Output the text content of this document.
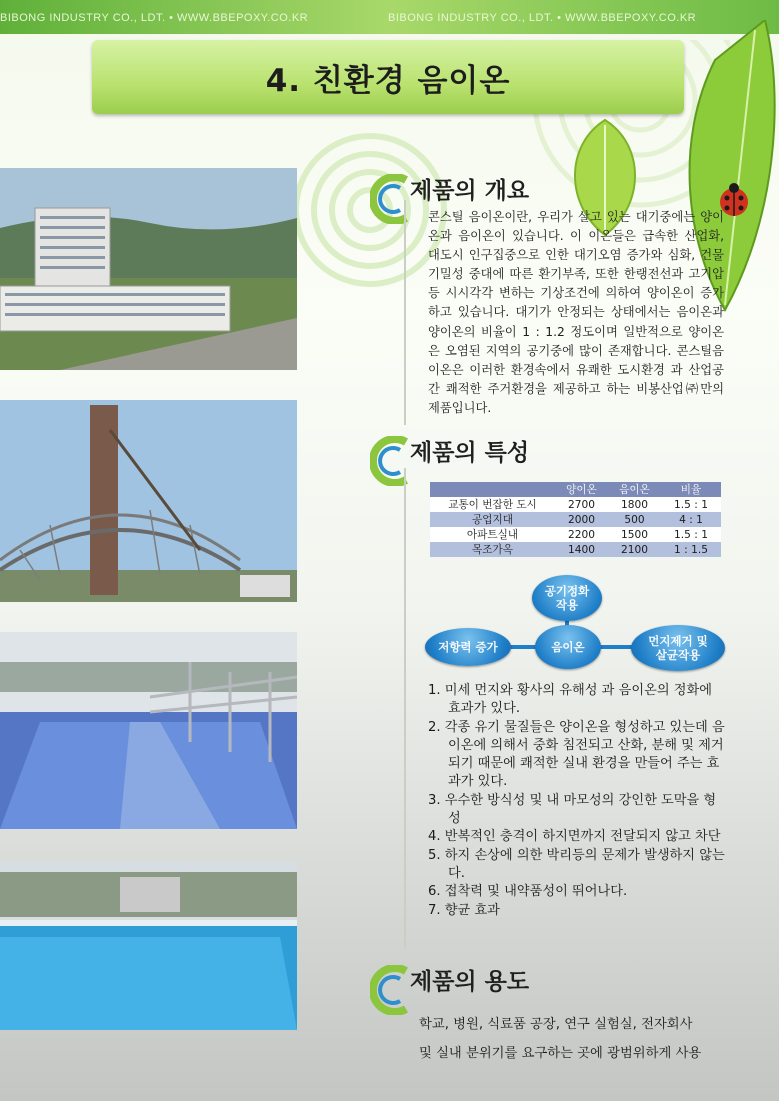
BIBONG INDUSTRY CO., LDT. • WWW.BBEPOXY.CO.KR	BIBONG INDUSTRY CO., LDT. • WWW.BBEPOXY.CO.KR
4. 친환경 음이온
제품의 개요
콘스틸 음이온이란, 우리가 살고 있는 대기중에는 양이온과 음이온이 있습니다. 이 이온들은 급속한 산업화, 대도시 인구집중으로 인한 대기오염 증가와 심화, 건물 기밀성 중대에 따른 환기부족, 또한 한랭전선과 고기압등 시시각각 변하는 기상조건에 의하여 양이온이 증가하고 있습니다. 대기가 안정되는 상태에서는 음이온과 양이온의 비율이 1 : 1.2 정도이며 일반적으로 양이온은 오염된 지역의 공기중에 많이 존재합니다. 콘스틸음이온은 이러한 환경속에서 유쾌한 도시환경 과 산업공간 쾌적한 주거환경을 제공하고 하는 비봉산업㈜만의 제품입니다.
제품의 특성
	양이온	음이온	비율
교통이 번잡한 도시	2700	1800	1.5 : 1
공업지대	2000	500	4 : 1
아파트실내	2200	1500	1.5 : 1
목조가옥	1400	2100	1 : 1.5
공기정화
작용
저항력 증가	음이온	먼지제거 및
살균작용
1. 미세 먼지와 황사의 유해성 과 음이온의 정화에 효과가 있다.
2. 각종 유기 물질들은 양이온을 형성하고 있는데 음이온에 의해서 중화 침전되고 산화, 분해 및 제거되기 때문에 쾌적한 실내 환경을 만들어 주는 효과가 있다.
3. 우수한 방식성 및 내 마모성의 강인한 도막을 형성
4. 반복적인 충격이 하지면까지 전달되지 않고 차단
5. 하지 손상에 의한 박리등의 문제가 발생하지 않는다.
6. 접착력 및 내약품성이 뛰어나다.
7. 향균 효과
제품의 용도
학교, 병원, 식료품 공장, 연구 실험실, 전자회사
및 실내 분위기를 요구하는 곳에 광범위하게 사용
